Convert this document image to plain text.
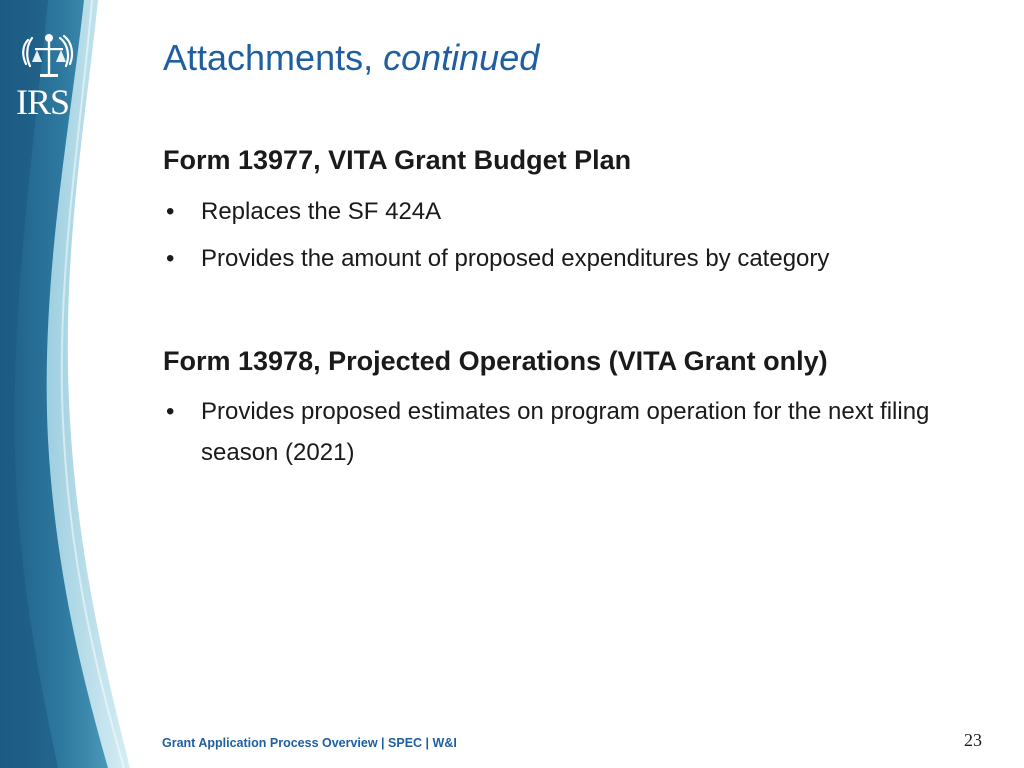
IRS
Attachments, continued
Form 13977, VITA Grant Budget Plan
• Replaces the SF 424A
• Provides the amount of proposed expenditures by category
Form 13978, Projected Operations (VITA Grant only)
• Provides proposed estimates on program operation for the next filing season (2021)
Grant Application Process Overview | SPEC | W&I	23
